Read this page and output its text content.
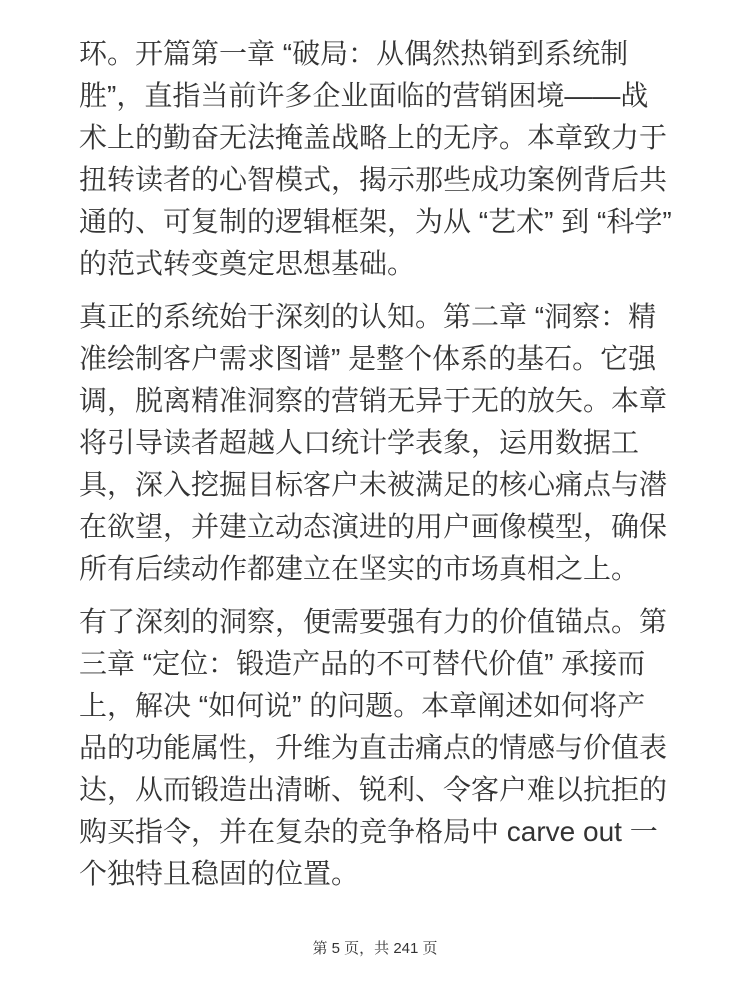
环。开篇第一章 “破局：从偶然热销到系统制胜”，直指当前许多企业面临的营销困境——战术上的勤奋无法掩盖战略上的无序。本章致力于扭转读者的心智模式，揭示那些成功案例背后共通的、可复制的逻辑框架，为从 “艺术” 到 “科学” 的范式转变奠定思想基础。

真正的系统始于深刻的认知。第二章 “洞察：精准绘制客户需求图谱” 是整个体系的基石。它强调，脱离精准洞察的营销无异于无的放矢。本章将引导读者超越人口统计学表象，运用数据工具，深入挖掘目标客户未被满足的核心痛点与潜在欲望，并建立动态演进的用户画像模型，确保所有后续动作都建立在坚实的市场真相之上。

有了深刻的洞察，便需要强有力的价值锚点。第三章 “定位：锻造产品的不可替代价值” 承接而上，解决 “如何说” 的问题。本章阐述如何将产品的功能属性，升维为直击痛点的情感与价值表达，从而锻造出清晰、锐利、令客户难以抗拒的购买指令，并在复杂的竞争格局中 carve out 一个独特且稳固的位置。

第 5 页，共 241 页
